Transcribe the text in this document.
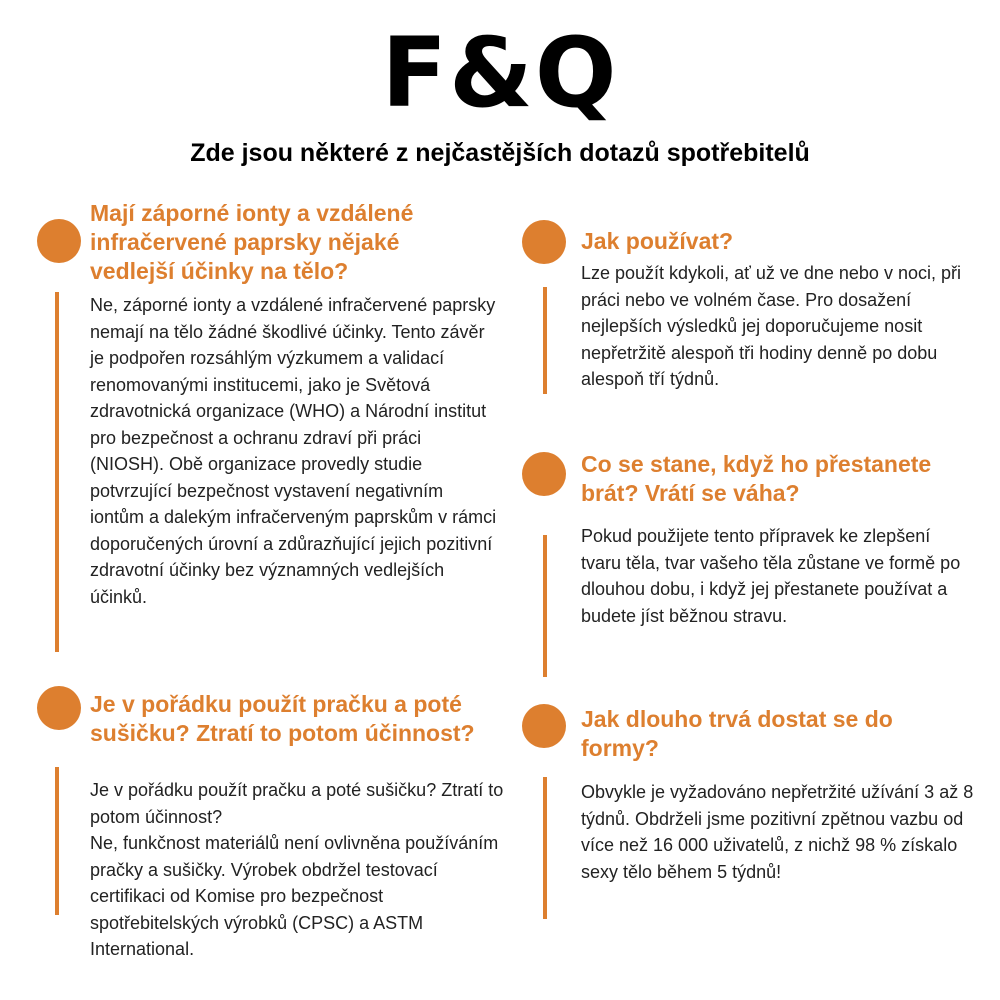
F&Q
Zde jsou některé z nejčastějších dotazů spotřebitelů
Mají záporné ionty a vzdálené infračervené paprsky nějaké vedlejší účinky na tělo?

Ne, záporné ionty a vzdálené infračervené paprsky nemají na tělo žádné škodlivé účinky. Tento závěr je podpořen rozsáhlým výzkumem a validací renomovanými institucemi, jako je Světová zdravotnická organizace (WHO) a Národní institut pro bezpečnost a ochranu zdraví při práci (NIOSH). Obě organizace provedly studie potvrzující bezpečnost vystavení negativním iontům a dalekým infračerveným paprskům v rámci doporučených úrovní a zdůrazňující jejich pozitivní zdravotní účinky bez významných vedlejších účinků.

Je v pořádku použít pračku a poté sušičku? Ztratí to potom účinnost?

Je v pořádku použít pračku a poté sušičku? Ztratí to potom účinnost?
Ne, funkčnost materiálů není ovlivněna používáním pračky a sušičky. Výrobek obdržel testovací certifikaci od Komise pro bezpečnost spotřebitelských výrobků (CPSC) a ASTM International.

Jak používat?

Lze použít kdykoli, ať už ve dne nebo v noci, při práci nebo ve volném čase. Pro dosažení nejlepších výsledků jej doporučujeme nosit nepřetržitě alespoň tři hodiny denně po dobu alespoň tří týdnů.

Co se stane, když ho přestanete brát? Vrátí se váha?

Pokud použijete tento přípravek ke zlepšení tvaru těla, tvar vašeho těla zůstane ve formě po dlouhou dobu, i když jej přestanete používat a budete jíst běžnou stravu.

Jak dlouho trvá dostat se do formy?

Obvykle je vyžadováno nepřetržité užívání 3 až 8 týdnů. Obdrželi jsme pozitivní zpětnou vazbu od více než 16 000 uživatelů, z nichž 98 % získalo sexy tělo během 5 týdnů!
